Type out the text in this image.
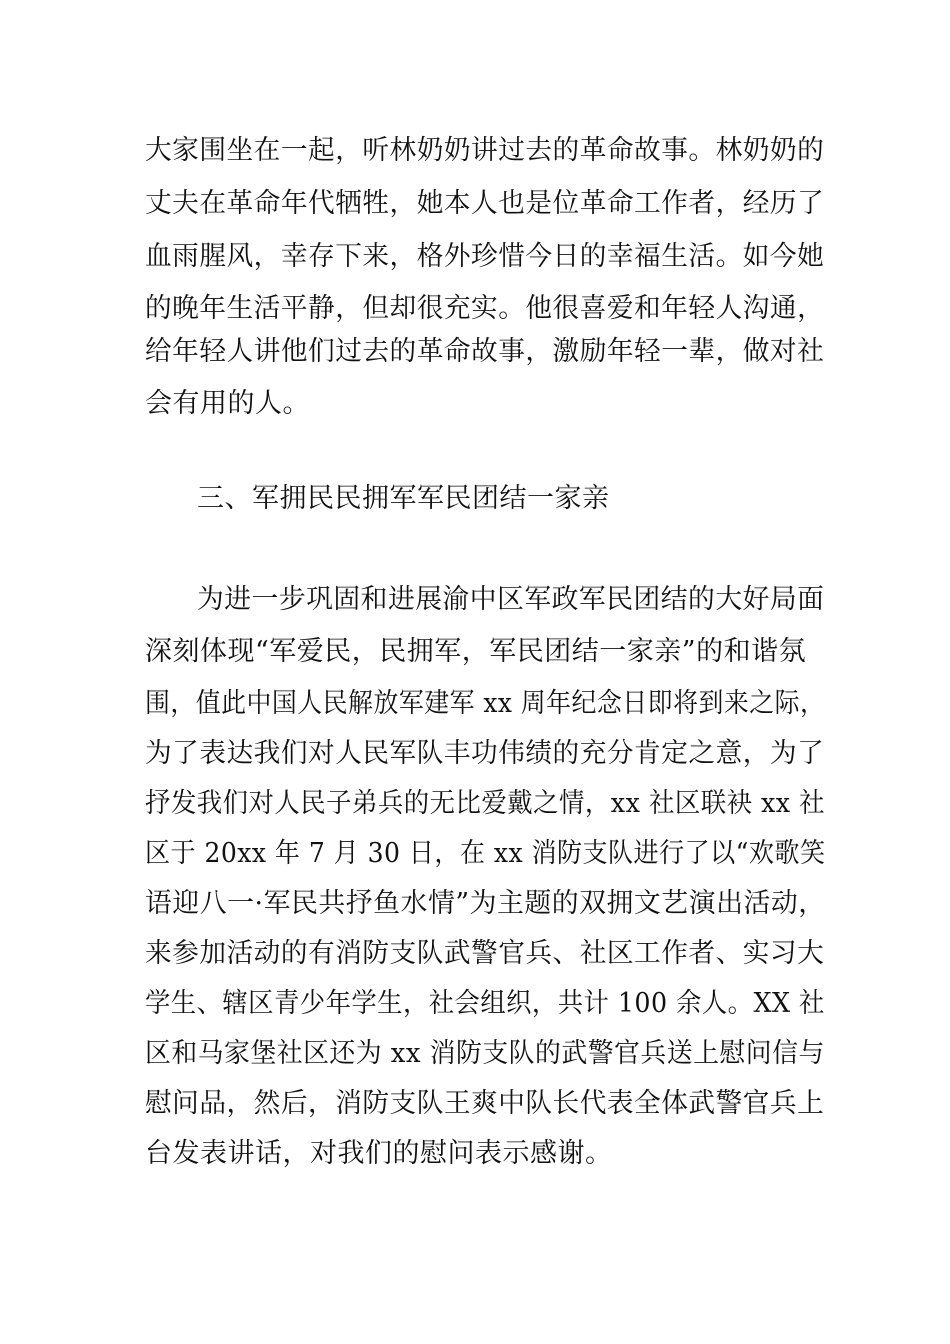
大家围坐在一起，听林奶奶讲过去的革命故事。林奶奶的
丈夫在革命年代牺牲，她本人也是位革命工作者，经历了
血雨腥风，幸存下来，格外珍惜今日的幸福生活。如今她
的晚年生活平静，但却很充实。他很喜爱和年轻人沟通，
给年轻人讲他们过去的革命故事，激励年轻一辈，做对社
会有用的人。
三、军拥民民拥军军民团结一家亲
为进一步巩固和进展渝中区军政军民团结的大好局面
深刻体现“军爱民，民拥军，军民团结一家亲”的和谐氛
围，值此中国人民解放军建军 xx 周年纪念日即将到来之际，
为了表达我们对人民军队丰功伟绩的充分肯定之意，为了
抒发我们对人民子弟兵的无比爱戴之情，xx 社区联袂 xx 社
区于 20xx 年 7 月 30 日，在 xx 消防支队进行了以“欢歌笑
语迎八一·军民共抒鱼水情”为主题的双拥文艺演出活动，
来参加活动的有消防支队武警官兵、社区工作者、实习大
学生、辖区青少年学生，社会组织，共计 100 余人。XX 社
区和马家堡社区还为 xx 消防支队的武警官兵送上慰问信与
慰问品，然后，消防支队王爽中队长代表全体武警官兵上
台发表讲话，对我们的慰问表示感谢。
